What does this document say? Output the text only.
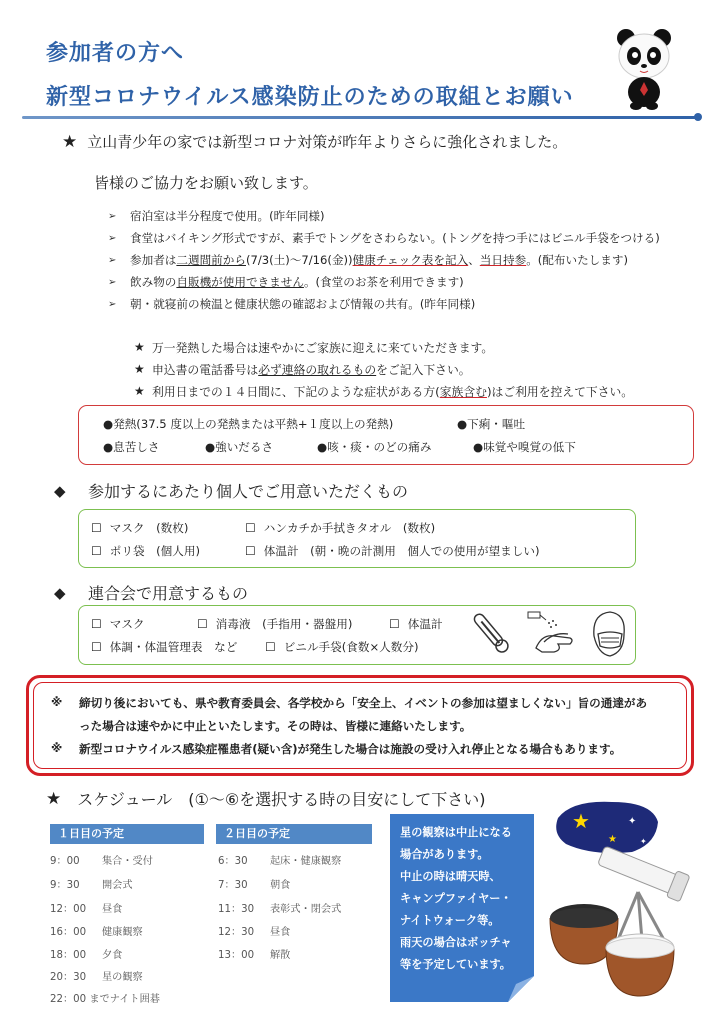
参加者の方へ
新型コロナウイルス感染防止のための取組とお願い
★ 立山青少年の家では新型コロナ対策が昨年よりさらに強化されました。
皆様のご協力をお願い致します。
➢	宿泊室は半分程度で使用。(昨年同様)
➢	食堂はバイキング形式ですが、素手でトングをさわらない。(トングを持つ手にはビニル手袋をつける)
➢	参加者は 二週間前から (7/3(土)～7/16(金)) 健康チェック表を記入 、 当日持参 。(配布いたします)
➢	飲み物の 自販機が使用できません 。(食堂のお茶を利用できます)
➢	朝・就寝前の検温と健康状態の確認および情報の共有。(昨年同様)
★ 万一発熱した場合は速やかにご家族に迎えに来ていただきます。
★ 申込書の電話番号は 必ず連絡の取れるもの をご記入下さい。
★ 利用日までの１４日間に、下記のような症状がある方( 家族含む )はご利用を控えて下さい。
●発熱(37.5 度以上の発熱または平熱+１度以上の発熱)	●下痢・嘔吐
●息苦しさ	●強いだるさ	●咳・痰・のどの痛み	●味覚や嗅覚の低下
◆	参加するにあたり個人でご用意いただくもの
☐ マスク　(数枚)	☐ ハンカチか手拭きタオル　(数枚)
☐ ポリ袋　(個人用)	☐ 体温計　(朝・晩の計測用　個人での使用が望ましい)
◆	連合会で用意するもの
☐ マスク	☐ 消毒液　(手指用・器盤用)	☐ 体温計
☐ 体調・体温管理表　など ☐ ビニル手袋(食数×人数分)
※ 締切り後においても、県や教育委員会、各学校から「安全上、イベントの参加は望ましくない」旨の通達があ
った場合は速やかに中止といたします。その時は、皆様に連絡いたします。
※ 新型コロナウイルス感染症罹患者(疑い含)が発生した場合は施設の受け入れ停止となる場合もあります。
★ スケジュール　(①～⑥を選択する時の目安にして下さい)
１日目の予定	２日目の予定
9：00	集合・受付
9：30	開会式
12：00	昼食
16：00	健康観察
18：00	夕食
20：30	星の観察
22：00 までナイト囲碁
6：30	起床・健康観察
7：30	朝食
11：30	表彰式・閉会式
12：30	昼食
13：00	解散
星の観察は中止になる
場合があります。
中止の時は晴天時、
キャンプファイヤー・
ナイトウォーク等。
雨天の場合はボッチャ
等を予定しています。
★
★
✦
✦
